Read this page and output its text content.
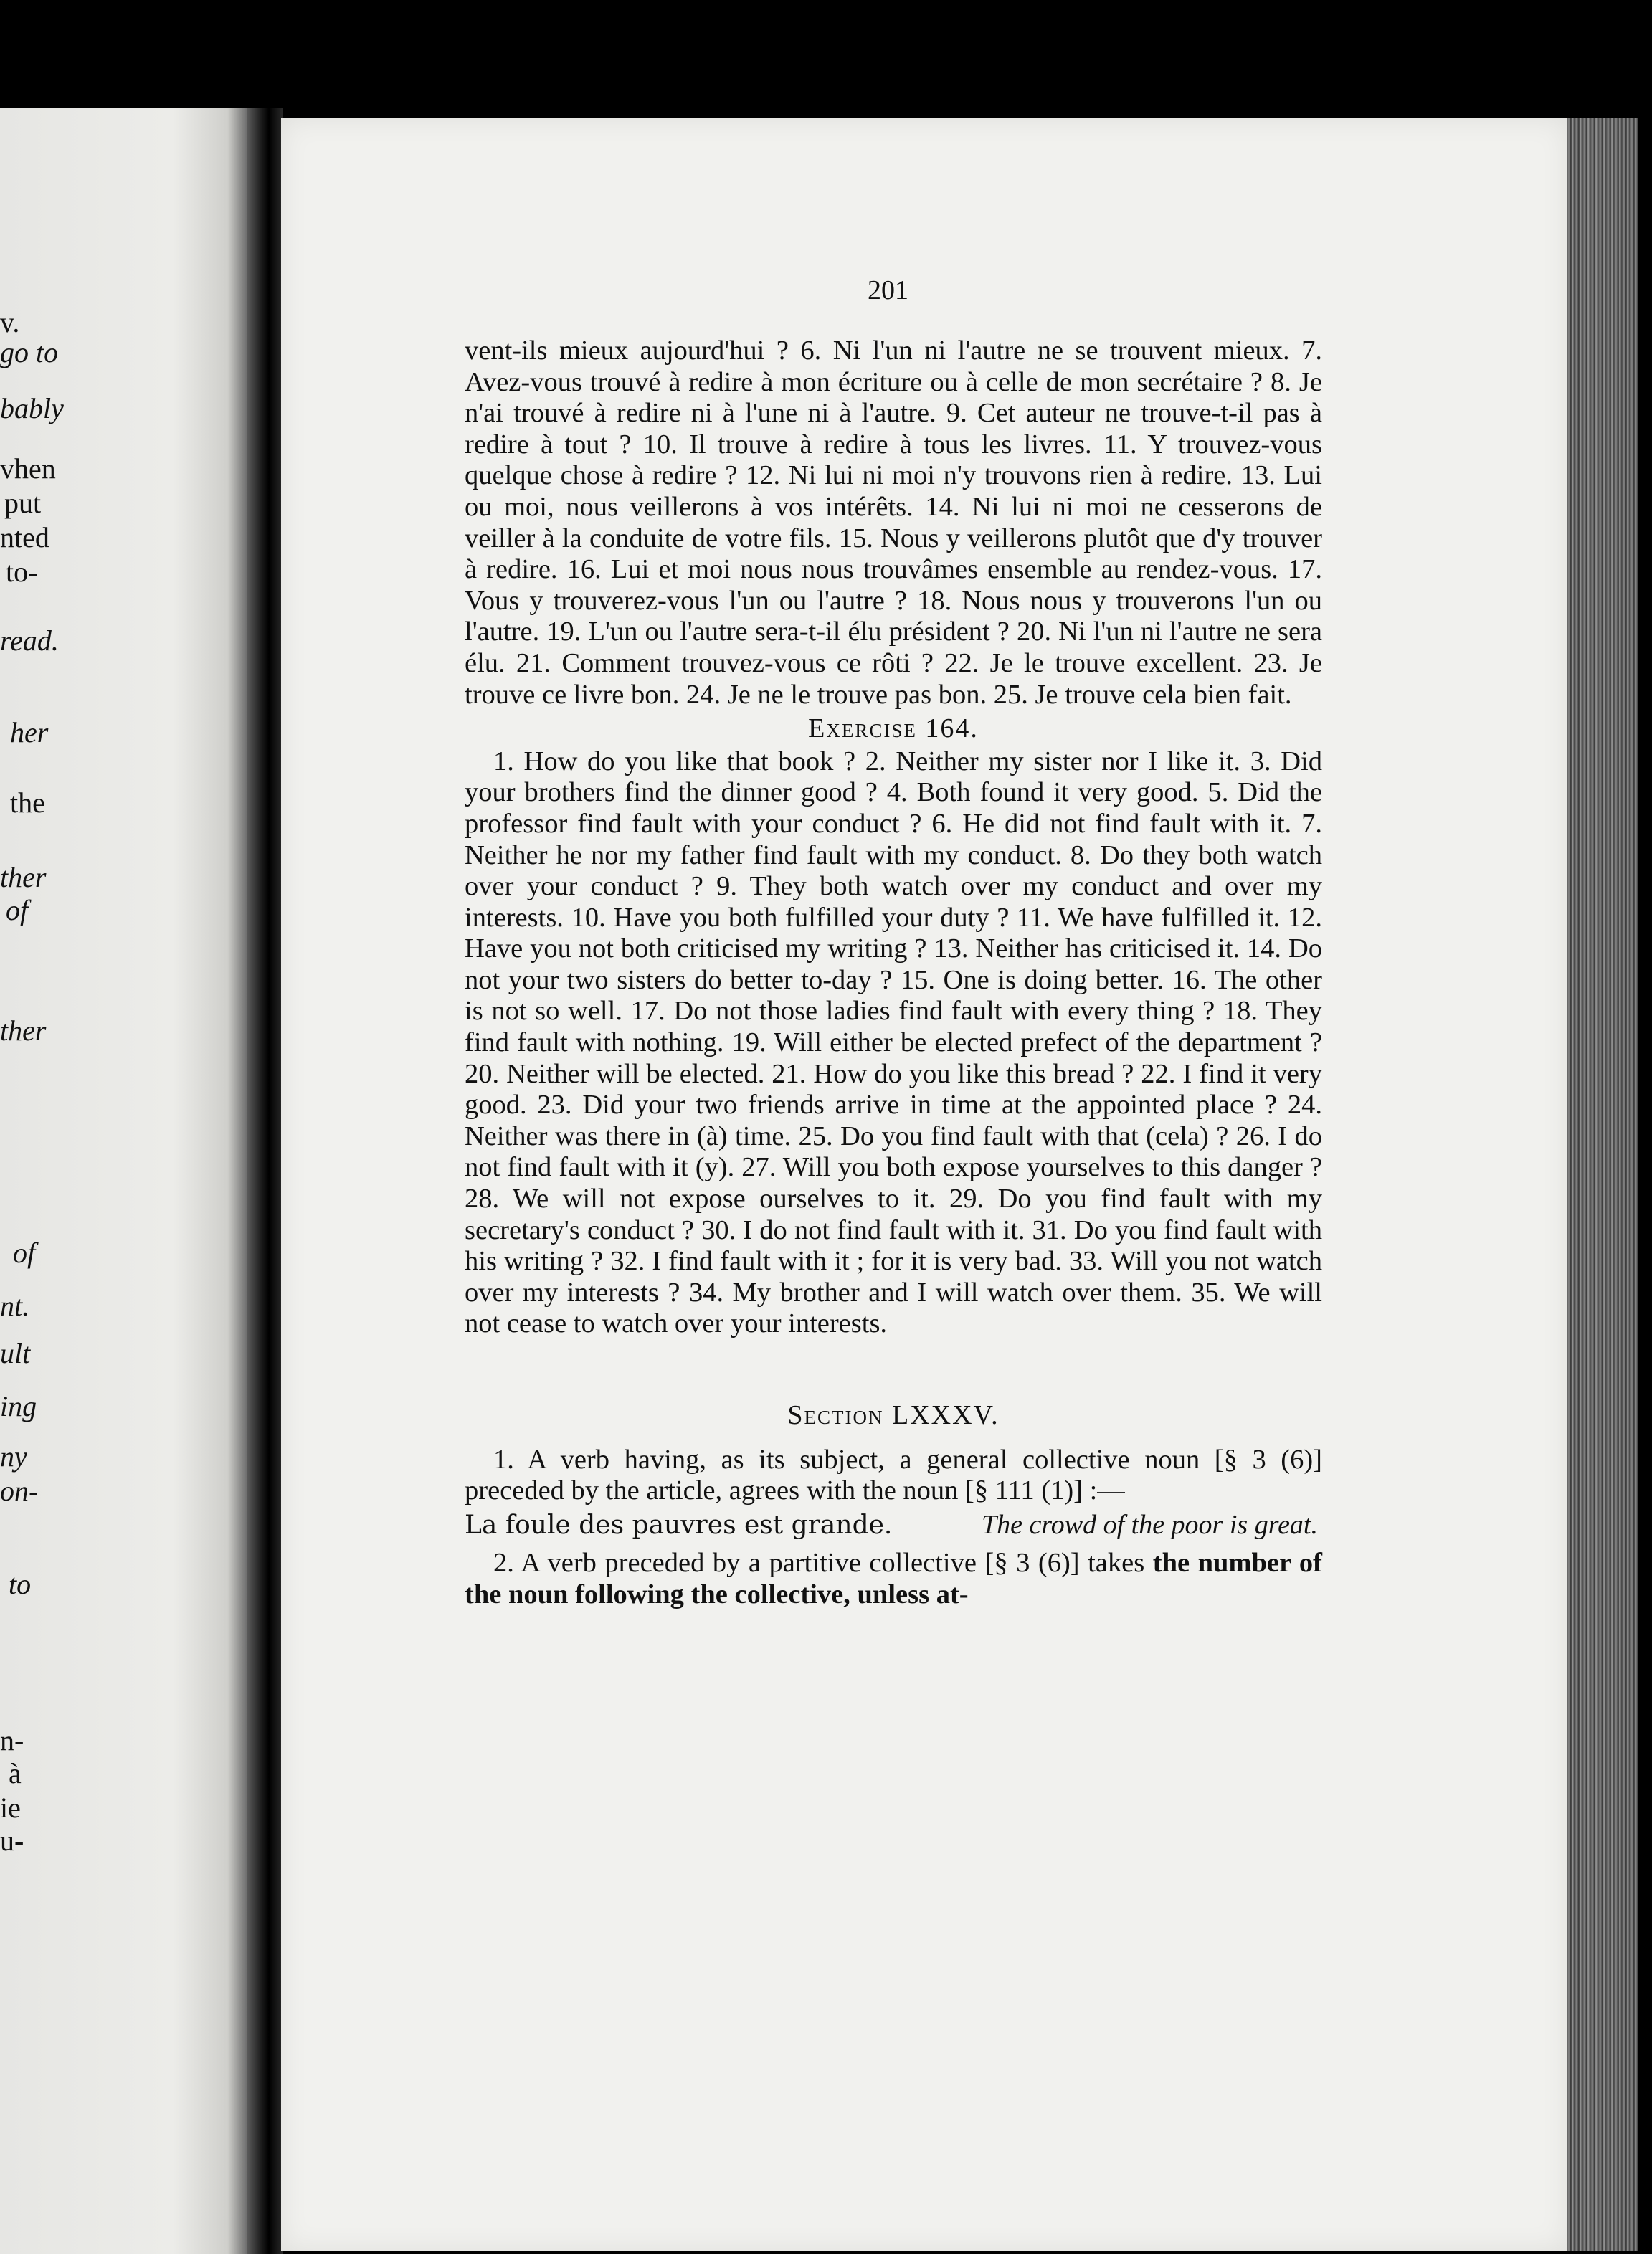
v.
go to
bably
vhen
put
nted
to-
read.
her
the
ther
of
ther
of
nt.
ult
ing
ny
on-
to
n-
à
ie
u-
201

vent-ils mieux aujourd'hui ? 6. Ni l'un ni l'autre ne se trouvent mieux. 7. Avez-vous trouvé à redire à mon écriture ou à celle de mon secrétaire ? 8. Je n'ai trouvé à redire ni à l'une ni à l'autre. 9. Cet auteur ne trouve-t-il pas à redire à tout ? 10. Il trouve à redire à tous les livres. 11. Y trouvez-vous quelque chose à redire ? 12. Ni lui ni moi n'y trouvons rien à redire. 13. Lui ou moi, nous veillerons à vos intérêts. 14. Ni lui ni moi ne cesserons de veiller à la conduite de votre fils. 15. Nous y veillerons plutôt que d'y trouver à redire. 16. Lui et moi nous nous trouvâmes ensemble au rendez-vous. 17. Vous y trouverez-vous l'un ou l'autre ? 18. Nous nous y trouverons l'un ou l'autre. 19. L'un ou l'autre sera-t-il élu président ? 20. Ni l'un ni l'autre ne sera élu. 21. Comment trouvez-vous ce rôti ? 22. Je le trouve excellent. 23. Je trouve ce livre bon. 24. Je ne le trouve pas bon. 25. Je trouve cela bien fait.

Exercise 164.

1. How do you like that book ? 2. Neither my sister nor I like it. 3. Did your brothers find the dinner good ? 4. Both found it very good. 5. Did the professor find fault with your conduct ? 6. He did not find fault with it. 7. Neither he nor my father find fault with my conduct. 8. Do they both watch over your conduct ? 9. They both watch over my conduct and over my interests. 10. Have you both fulfilled your duty ? 11. We have fulfilled it. 12. Have you not both criticised my writing ? 13. Neither has criticised it. 14. Do not your two sisters do better to-day ? 15. One is doing better. 16. The other is not so well. 17. Do not those ladies find fault with every thing ? 18. They find fault with nothing. 19. Will either be elected prefect of the department ? 20. Neither will be elected. 21. How do you like this bread ? 22. I find it very good. 23. Did your two friends arrive in time at the appointed place ? 24. Neither was there in (à) time. 25. Do you find fault with that (cela) ? 26. I do not find fault with it (y). 27. Will you both expose yourselves to this danger ? 28. We will not expose ourselves to it. 29. Do you find fault with my secretary's conduct ? 30. I do not find fault with it. 31. Do you find fault with his writing ? 32. I find fault with it ; for it is very bad. 33. Will you not watch over my interests ? 34. My brother and I will watch over them. 35. We will not cease to watch over your interests.

Section LXXXV.

1. A verb having, as its subject, a general collective noun [§ 3 (6)] preceded by the article, agrees with the noun [§ 111 (1)] :—

La foule des pauvres est grande.	The crowd of the poor is great.

2. A verb preceded by a partitive collective [§ 3 (6)] takes the number of the noun following the collective, unless at-
